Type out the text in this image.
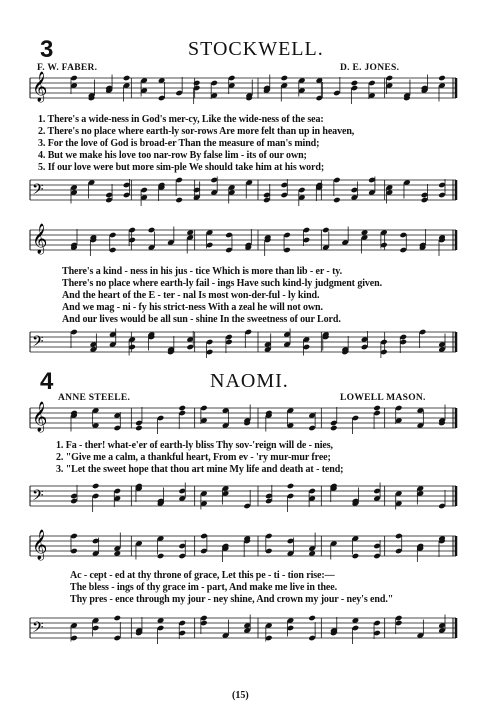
3	STOCKWELL.
F. W. FABER.	D. E. JONES.
𝄞
1. There's a wide-ness in God's mer-cy, Like the wide-ness of the sea:
2. There's no place where earth-ly sor-rows Are more felt than up in heaven,
3. For the love of God is broad-er Than the measure of man's mind;
4. But we make his love too nar-row By false lim - its of our own;
5. If our love were but more sim-ple We should take him at his word;
𝄢
𝄞
There's a kind - ness in his jus - tice Which is more than lib - er - ty.
There's no place where earth-ly fail - ings Have such kind-ly judgment given.
And the heart of the E - ter - nal Is most won-der-ful - ly kind.
And we mag - ni - fy his strict-ness With a zeal he will not own.
And our lives would be all sun - shine In the sweetness of our Lord.
𝄢
4	NAOMI.
ANNE STEELE.	LOWELL MASON.
𝄞
1. Fa - ther! what-e'er of earth-ly bliss Thy sov-'reign will de - nies,
2. "Give me a calm, a thankful heart, From ev - 'ry mur-mur free;
3. "Let the sweet hope that thou art mine My life and death at - tend;
𝄢
𝄞
Ac - cept - ed at thy throne of grace, Let this pe - ti - tion rise:—
The bless - ings of thy grace im - part, And make me live in thee.
Thy pres - ence through my jour - ney shine, And crown my jour - ney's end."
𝄢
(15)
